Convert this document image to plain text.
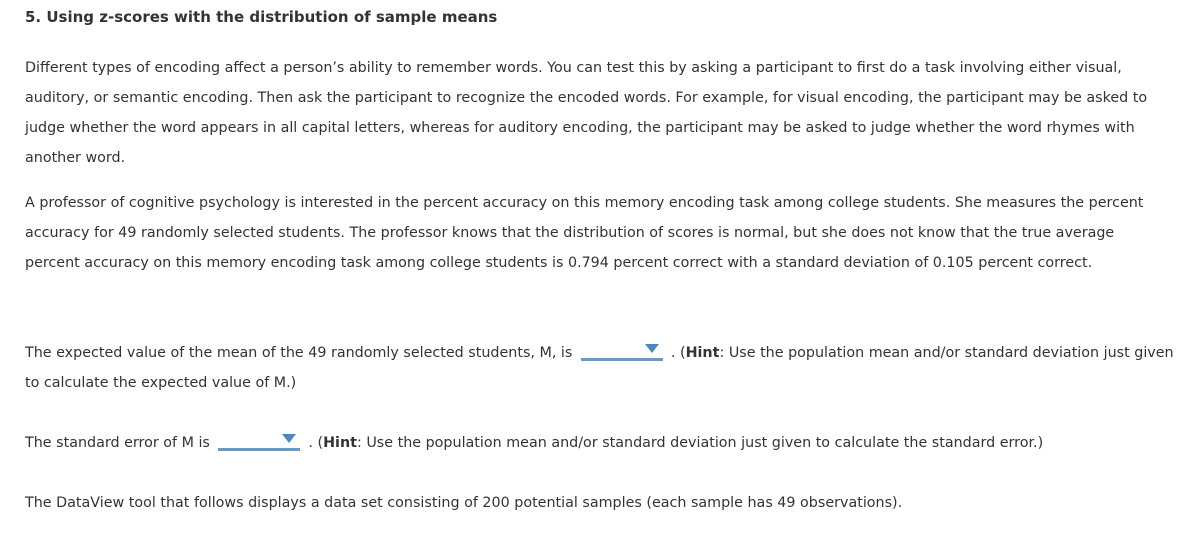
5. Using z-scores with the distribution of sample means
Different types of encoding affect a person’s ability to remember words. You can test this by asking a participant to first do a task involving either visual, auditory, or semantic encoding. Then ask the participant to recognize the encoded words. For example, for visual encoding, the participant may be asked to judge whether the word appears in all capital letters, whereas for auditory encoding, the participant may be asked to judge whether the word rhymes with another word.
A professor of cognitive psychology is interested in the percent accuracy on this memory encoding task among college students. She measures the percent accuracy for 49 randomly selected students. The professor knows that the distribution of scores is normal, but she does not know that the true average percent accuracy on this memory encoding task among college students is 0.794 percent correct with a standard deviation of 0.105 percent correct.
The expected value of the mean of the 49 randomly selected students, M, is	. (Hint: Use the population mean and/or standard deviation just given to calculate the expected value of M.)
The standard error of M is	. (Hint: Use the population mean and/or standard deviation just given to calculate the standard error.)
The DataView tool that follows displays a data set consisting of 200 potential samples (each sample has 49 observations).
